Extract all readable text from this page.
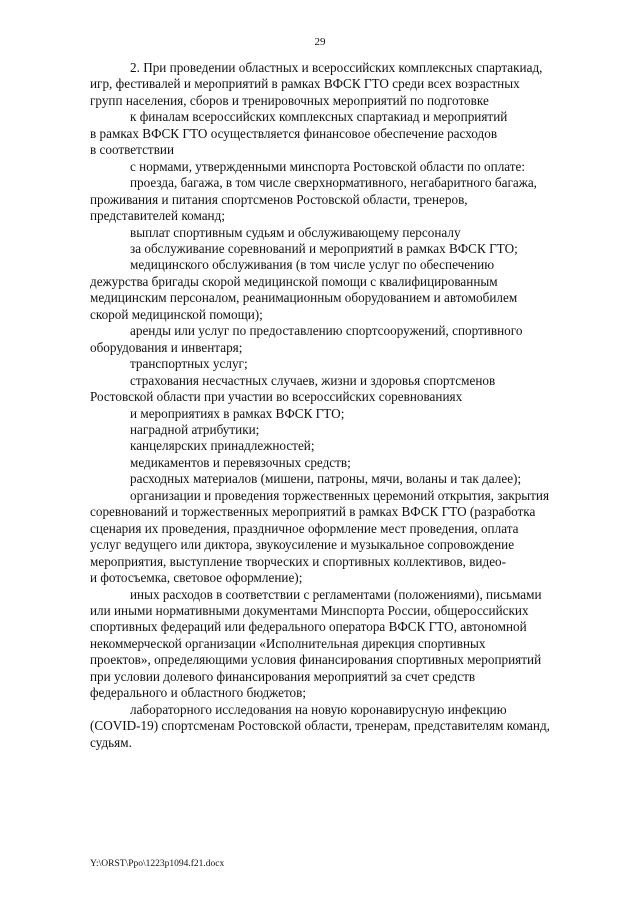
29

2. При проведении областных и всероссийских комплексных спартакиад,

игр, фестивалей и мероприятий в рамках ВФСК ГТО среди всех возрастных

групп населения, сборов и тренировочных мероприятий по подготовке

к финалам всероссийских комплексных спартакиад и мероприятий

в рамках ВФСК ГТО осуществляется финансовое обеспечение расходов

в соответствии

с нормами, утвержденными минспорта Ростовской области по оплате:

проезда, багажа, в том числе сверхнормативного, негабаритного багажа,

проживания и питания спортсменов Ростовской области, тренеров,

представителей команд;

выплат спортивным судьям и обслуживающему персоналу

за обслуживание соревнований и мероприятий в рамках ВФСК ГТО;

медицинского обслуживания (в том числе услуг по обеспечению

дежурства бригады скорой медицинской помощи с квалифицированным

медицинским персоналом, реанимационным оборудованием и автомобилем

скорой медицинской помощи);

аренды или услуг по предоставлению спортсооружений, спортивного

оборудования и инвентаря;

транспортных услуг;

страхования несчастных случаев, жизни и здоровья спортсменов

Ростовской области при участии во всероссийских соревнованиях

и мероприятиях в рамках ВФСК ГТО;

наградной атрибутики;

канцелярских принадлежностей;

медикаментов и перевязочных средств;

расходных материалов (мишени, патроны, мячи, воланы и так далее);

организации и проведения торжественных церемоний открытия, закрытия

соревнований и торжественных мероприятий в рамках ВФСК ГТО (разработка

сценария их проведения, праздничное оформление мест проведения, оплата

услуг ведущего или диктора, звукоусиление и музыкальное сопровождение

мероприятия, выступление творческих и спортивных коллективов, видео-

и фотосъемка, световое оформление);

иных расходов в соответствии с регламентами (положениями), письмами

или иными нормативными документами Минспорта России, общероссийских

спортивных федераций или федерального оператора ВФСК ГТО, автономной

некоммерческой организации «Исполнительная дирекция спортивных

проектов», определяющими условия финансирования спортивных мероприятий

при условии долевого финансирования мероприятий за счет средств

федерального и областного бюджетов;

лабораторного исследования на новую коронавирусную инфекцию

(COVID-19) спортсменам Ростовской области, тренерам, представителям команд,

судьям.

Y:\ORST\Ppo\1223p1094.f21.docx
